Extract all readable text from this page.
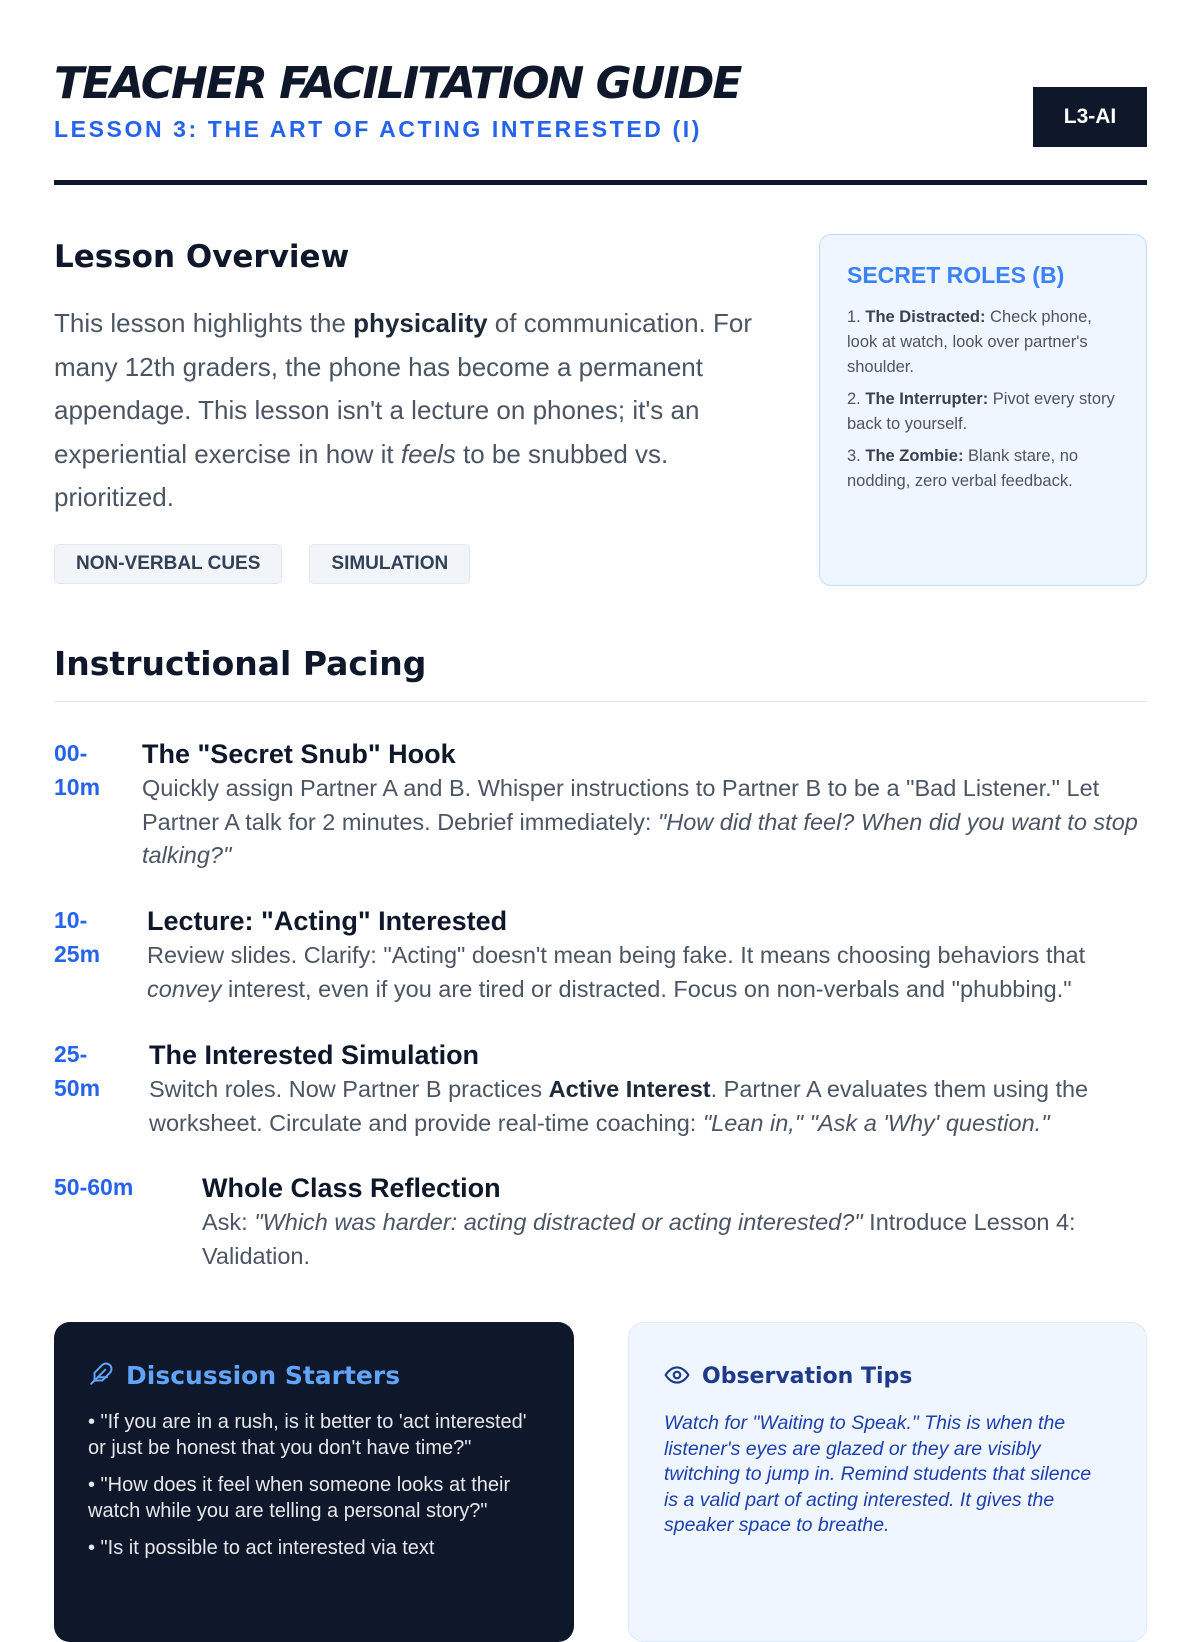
TEACHER FACILITATION GUIDE
LESSON 3: THE ART OF ACTING INTERESTED (I)	L3-AI
Lesson Overview

This lesson highlights the physicality of communication. For many 12th graders, the phone has become a permanent appendage. This lesson isn't a lecture on phones; it's an experiential exercise in how it feels to be snubbed vs. prioritized.

NON-VERBAL CUES	SIMULATION
SECRET ROLES (B)

1. The Distracted: Check phone, look at watch, look over partner's shoulder.

2. The Interrupter: Pivot every story back to yourself.

3. The Zombie: Blank stare, no nodding, zero verbal feedback.

Instructional Pacing
00-
10m

The "Secret Snub" Hook

Quickly assign Partner A and B. Whisper instructions to Partner B to be a "Bad Listener." Let Partner A talk for 2 minutes. Debrief immediately: "How did that feel? When did you want to stop talking?"

10-
25m

Lecture: "Acting" Interested

Review slides. Clarify: "Acting" doesn't mean being fake. It means choosing behaviors that convey interest, even if you are tired or distracted. Focus on non-verbals and "phubbing."

25-
50m

The Interested Simulation

Switch roles. Now Partner B practices Active Interest. Partner A evaluates them using the worksheet. Circulate and provide real-time coaching: "Lean in," "Ask a 'Why' question."

50-60m	Whole Class Reflection

Ask: "Which was harder: acting distracted or acting interested?" Introduce Lesson 4: Validation.

Discussion Starters
• "If you are in a rush, is it better to 'act interested' or just be honest that you don't have time?"
• "How does it feel when someone looks at their watch while you are telling a personal story?"
• "Is it possible to act interested via text
Observation Tips

Watch for "Waiting to Speak." This is when the listener's eyes are glazed or they are visibly twitching to jump in. Remind students that silence is a valid part of acting interested. It gives the speaker space to breathe.
